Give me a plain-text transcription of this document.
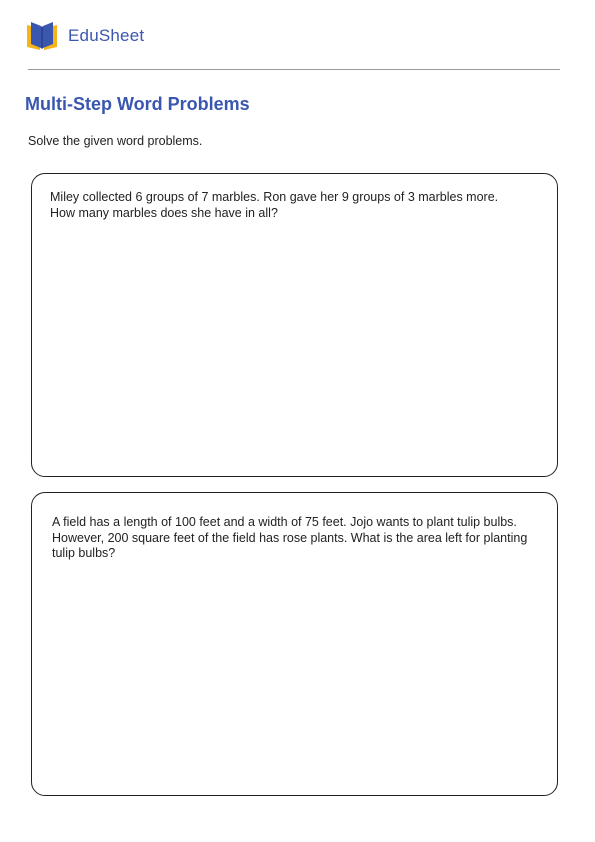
EduSheet
Multi-Step Word Problems

Solve the given word problems.

Miley collected 6 groups of 7 marbles. Ron gave her 9 groups of 3 marbles more. How many marbles does she have in all?

A field has a length of 100 feet and a width of 75 feet. Jojo wants to plant tulip bulbs. However, 200 square feet of the field has rose plants. What is the area left for planting tulip bulbs?
